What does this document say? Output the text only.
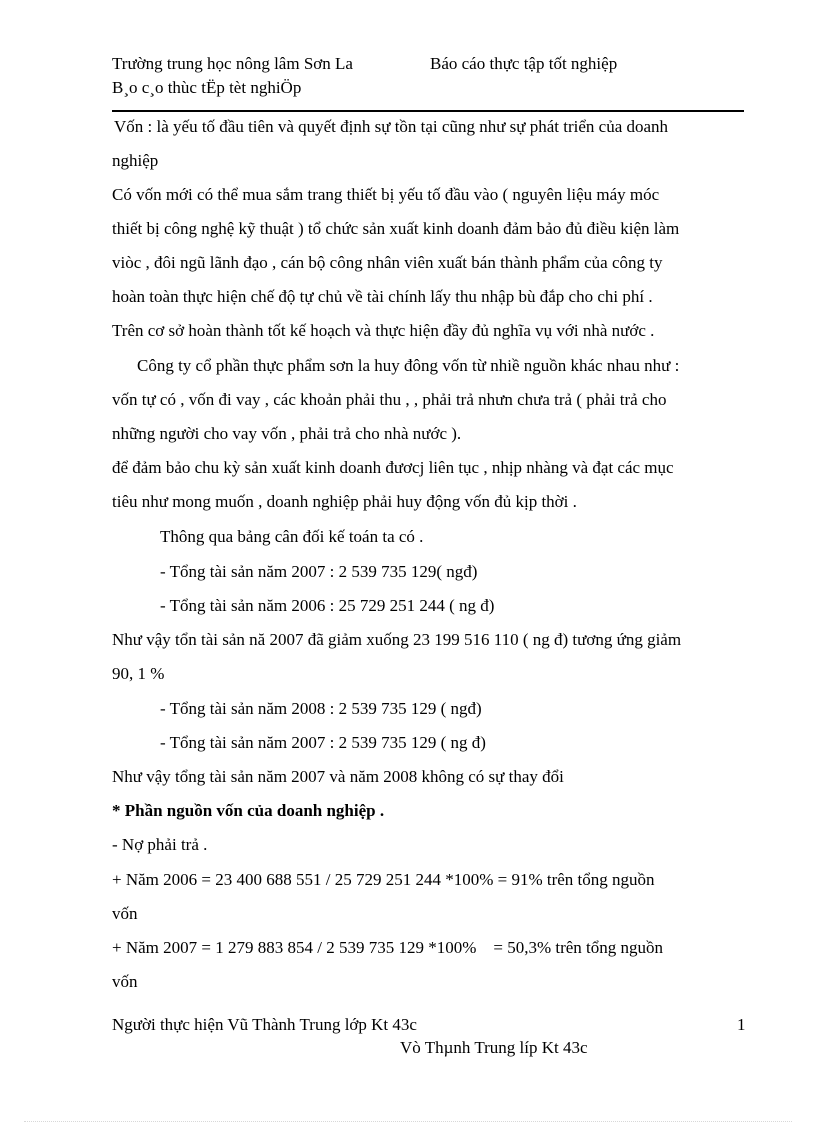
Trường trung học nông lâm Sơn La	Báo cáo thực tập tốt nghiệp
B¸o c¸o thùc tËp tèt nghiÖp
Vốn : là yếu tố đầu tiên và quyết định sự tồn tại cũng như sự phát triển của doanh
nghiệp
Có vốn mới có thể mua sắm trang thiết bị yếu tố đầu vào ( nguyên liệu máy móc
thiết bị công nghệ kỹ thuật ) tổ chức sản xuất kinh doanh đảm bảo đủ điều kiện làm
viòc , đôi ngũ lãnh đạo , cán bộ công nhân viên xuất bán thành phẩm của công ty
hoàn toàn thực hiện chế độ tự chủ về tài chính lấy thu nhập bù đắp cho chi phí .
Trên cơ sở hoàn thành tốt kế hoạch và thực hiện đầy đủ nghĩa vụ với nhà nước .
Công ty cổ phần thực phẩm sơn la huy đông vốn từ nhiề nguồn khác nhau như :
vốn tự có , vốn đi vay , các khoản phải thu , , phải trả nhưn chưa trả ( phải trả cho
những người cho vay vốn , phải trả cho nhà nước ).
để đảm bảo chu kỳ sản xuất kinh doanh đươcj liên tục , nhịp nhàng và đạt các mục
tiêu như mong muốn , doanh nghiệp phải huy động vốn đủ kịp thời .
Thông qua bảng cân đối kế toán ta có .
- Tổng tài sản năm 2007 : 2 539 735 129( ngđ)
- Tổng tài sản năm 2006 : 25 729 251 244 ( ng đ)
Như vậy tổn tài sản nă 2007 đã giảm xuống 23 199 516 110 ( ng đ) tương ứng giảm
90, 1 %
- Tổng tài sản năm 2008 : 2 539 735 129 ( ngđ)
- Tổng tài sản năm 2007 : 2 539 735 129 ( ng đ)
Như vậy tổng tài sản năm 2007 và năm 2008 không có sự thay đổi
* Phần nguồn vốn của doanh nghiệp .
- Nợ phải trả .
+ Năm 2006 = 23 400 688 551 / 25 729 251 244 *100% = 91% trên tổng nguồn
vốn
+ Năm 2007 = 1 279 883 854 / 2 539 735 129 *100%    = 50,3% trên tổng nguồn
vốn
Người thực hiện Vũ Thành Trung lớp Kt 43c	1
Vò Thµnh Trung líp Kt 43c
